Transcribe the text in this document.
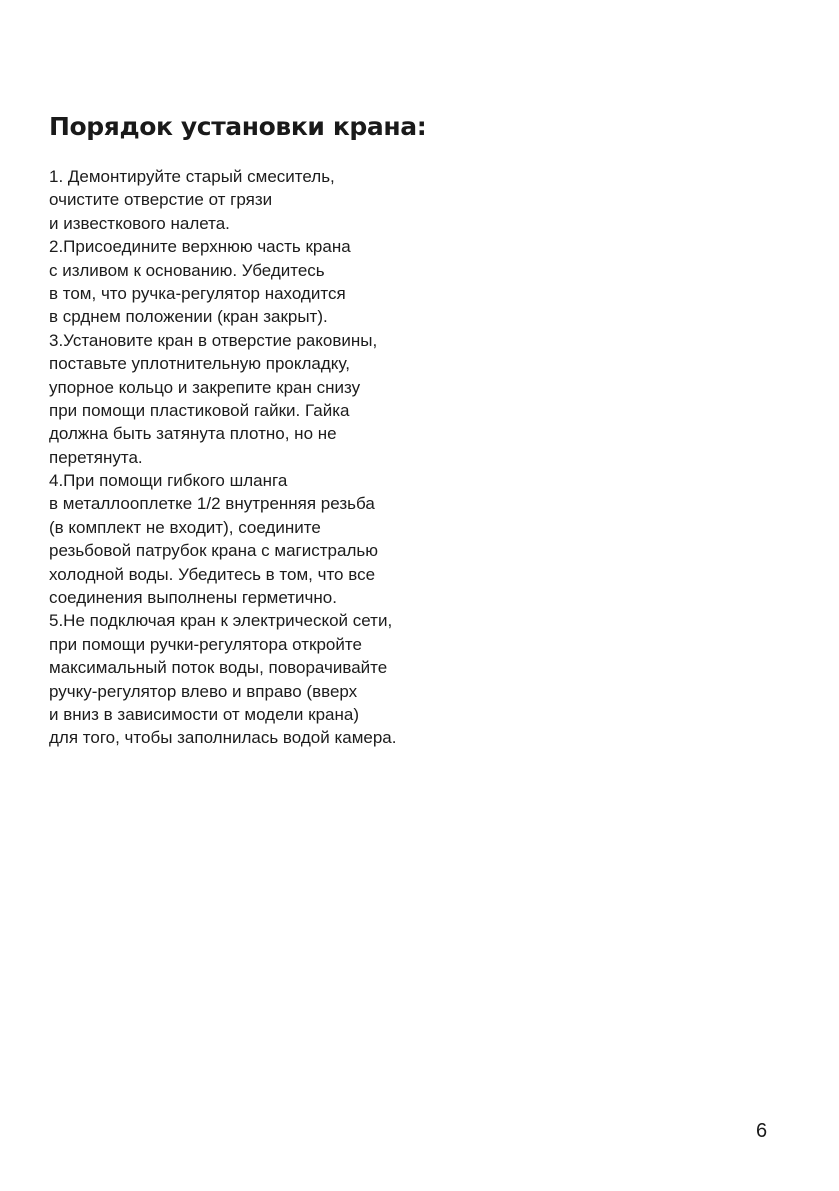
Порядок установки крана:
1. Демонтируйте старый смеситель,
очистите отверстие от грязи
и известкового налета.
2.Присоедините верхнюю часть крана
с изливом к основанию. Убедитесь
в том, что ручка-регулятор находится
в срднем положении (кран закрыт).
3.Установите кран в отверстие раковины,
поставьте уплотнительную прокладку,
упорное кольцо и закрепите кран снизу
при помощи пластиковой гайки. Гайка
должна быть затянута плотно, но не
перетянута.
4.При помощи гибкого шланга
в металлооплетке 1/2 внутренняя резьба
(в комплект не входит), соедините
резьбовой патрубок крана с магистралью
холодной воды. Убедитесь в том, что все
соединения выполнены герметично.
5.Не подключая кран к электрической сети,
при помощи ручки-регулятора откройте
максимальный поток воды, поворачивайте
ручку-регулятор влево и вправо (вверх
и вниз в зависимости от модели крана)
для того, чтобы заполнилась водой камера.
6
